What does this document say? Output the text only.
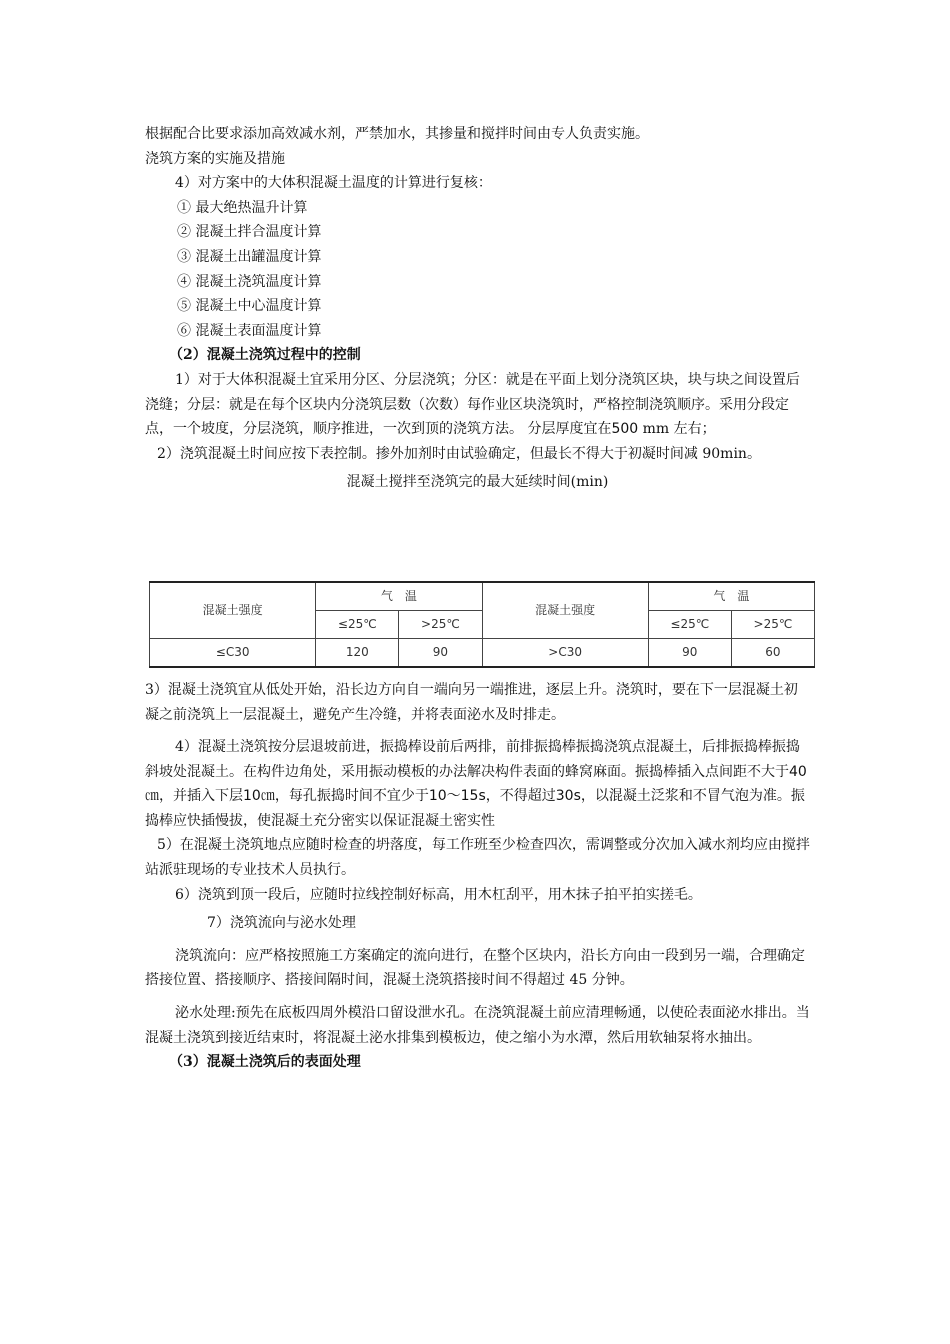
根据配合比要求添加高效减水剂，严禁加水，其掺量和搅拌时间由专人负责实施。

浇筑方案的实施及措施

4）对方案中的大体积混凝土温度的计算进行复核：

① 最大绝热温升计算

② 混凝土拌合温度计算

③ 混凝土出罐温度计算

④ 混凝土浇筑温度计算

⑤ 混凝土中心温度计算

⑥ 混凝土表面温度计算

（2）混凝土浇筑过程中的控制

1）对于大体积混凝土宜采用分区、分层浇筑；分区：就是在平面上划分浇筑区块，块与块之间设置后浇缝；分层：就是在每个区块内分浇筑层数（次数）每作业区块浇筑时，严格控制浇筑顺序。采用分段定点，一个坡度，分层浇筑，顺序推进，一次到顶的浇筑方法。 分层厚度宜在500 mm 左右；

2）浇筑混凝土时间应按下表控制。掺外加剂时由试验确定，但最长不得大于初凝时间减 90min。

混凝土搅拌至浇筑完的最大延续时间(min)

混凝土强度	气　温		混凝土强度	气　温	
	≤25℃	>25℃		≤25℃	>25℃
≤C30	120	90	>C30	90	60

3）混凝土浇筑宜从低处开始，沿长边方向自一端向另一端推进，逐层上升。浇筑时，要在下一层混凝土初凝之前浇筑上一层混凝土，避免产生冷缝，并将表面泌水及时排走。

4）混凝土浇筑按分层退坡前进，振捣棒设前后两排，前排振捣棒振捣浇筑点混凝土，后排振捣棒振捣斜坡处混凝土。在构件边角处，采用振动模板的办法解决构件表面的蜂窝麻面。振捣棒插入点间距不大于40㎝，并插入下层10㎝，每孔振捣时间不宜少于10～15s，不得超过30s，以混凝土泛浆和不冒气泡为准。振捣棒应快插慢拔，使混凝土充分密实以保证混凝土密实性

5）在混凝土浇筑地点应随时检查的坍落度，每工作班至少检查四次，需调整或分次加入减水剂均应由搅拌站派驻现场的专业技术人员执行。

6）浇筑到顶一段后，应随时拉线控制好标高，用木杠刮平，用木抹子拍平拍实搓毛。

7）浇筑流向与泌水处理

浇筑流向：应严格按照施工方案确定的流向进行，在整个区块内，沿长方向由一段到另一端，合理确定搭接位置、搭接顺序、搭接间隔时间，混凝土浇筑搭接时间不得超过 45 分钟。

泌水处理:预先在底板四周外模沿口留设泄水孔。在浇筑混凝土前应清理畅通，以使砼表面泌水排出。当混凝土浇筑到接近结束时，将混凝土泌水排集到模板边，使之缩小为水潭，然后用软轴泵将水抽出。

（3）混凝土浇筑后的表面处理
